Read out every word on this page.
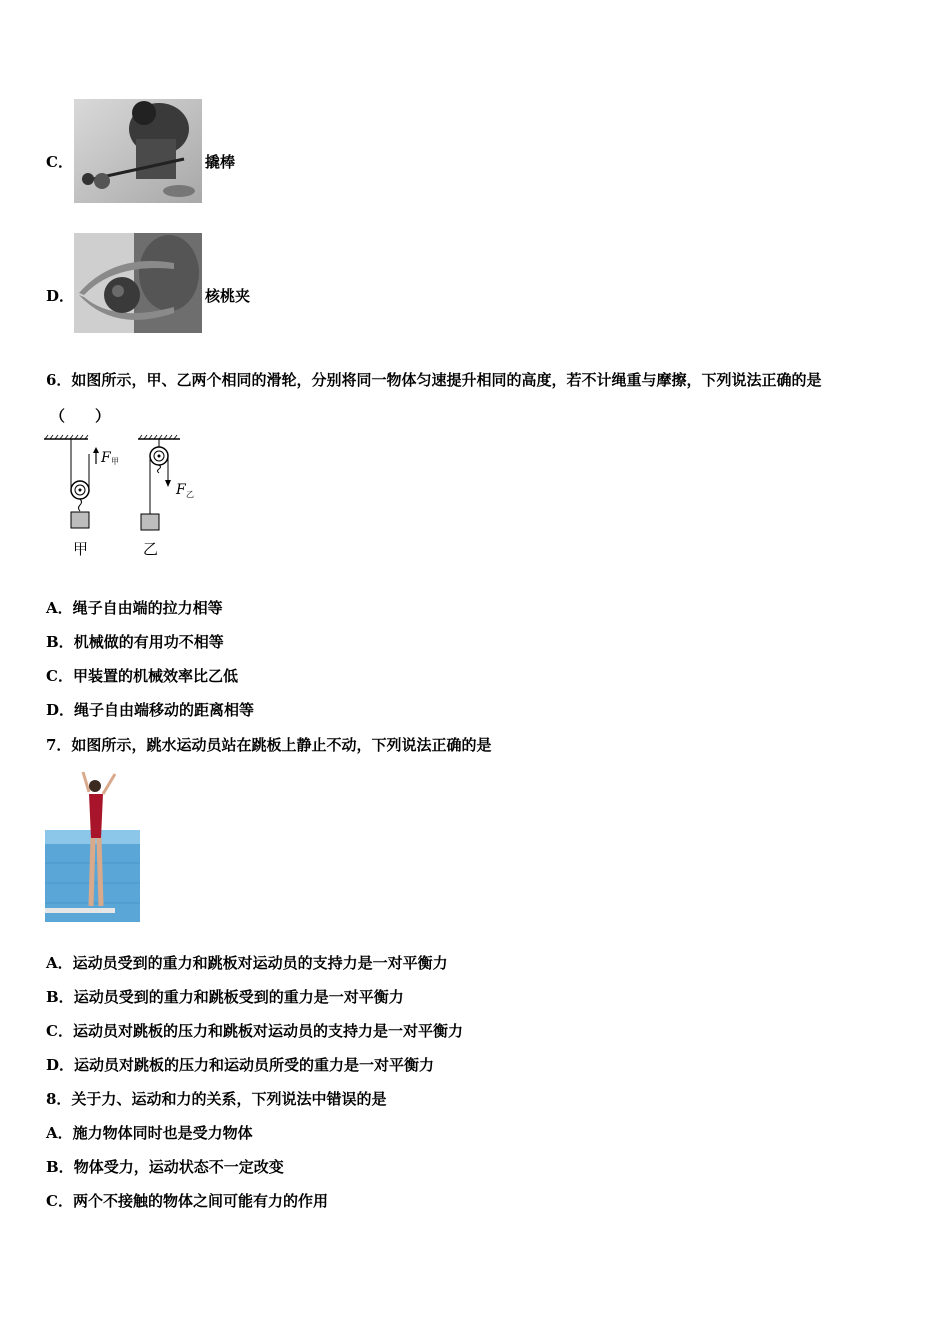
C．	撬棒
D．	核桃夹
6．如图所示，甲、乙两个相同的滑轮，分别将同一物体匀速提升相同的高度，若不计绳重与摩擦，下列说法正确的是
（　　）
F 甲
甲
F 乙
乙
A．绳子自由端的拉力相等
B．机械做的有用功不相等
C．甲装置的机械效率比乙低
D．绳子自由端移动的距离相等
7．如图所示，跳水运动员站在跳板上静止不动，下列说法正确的是
A．运动员受到的重力和跳板对运动员的支持力是一对平衡力
B．运动员受到的重力和跳板受到的重力是一对平衡力
C．运动员对跳板的压力和跳板对运动员的支持力是一对平衡力
D．运动员对跳板的压力和运动员所受的重力是一对平衡力
8．关于力、运动和力的关系，下列说法中错误的是
A．施力物体同时也是受力物体
B．物体受力，运动状态不一定改变
C．两个不接触的物体之间可能有力的作用
